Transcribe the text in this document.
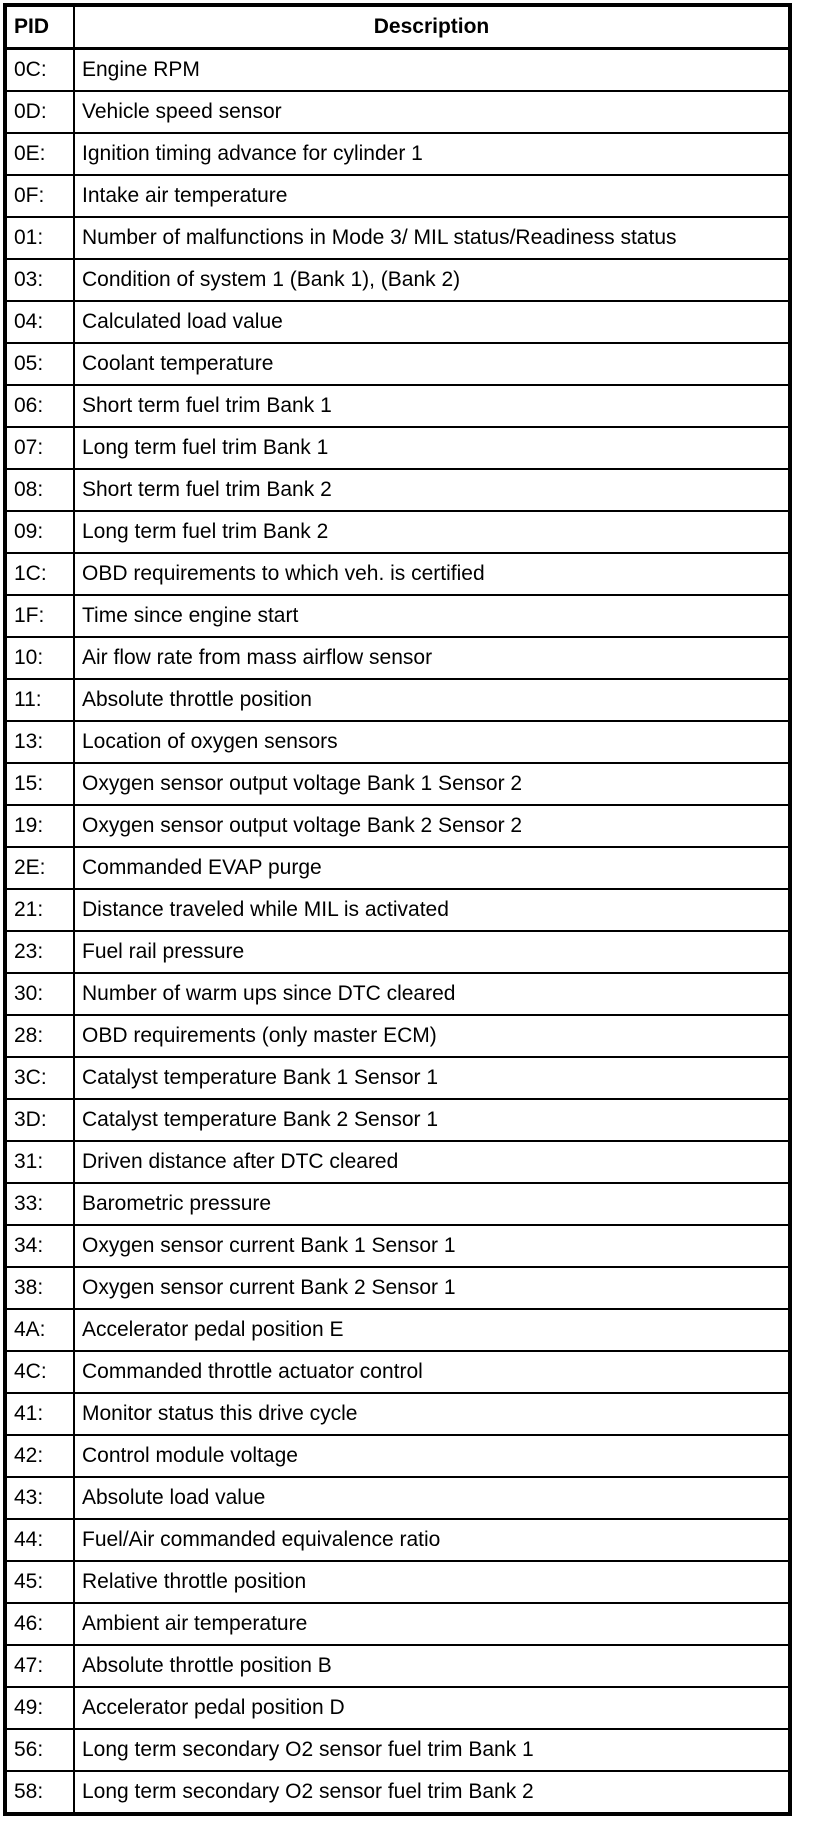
PID	Description
0C:	Engine RPM
0D:	Vehicle speed sensor
0E:	Ignition timing advance for cylinder 1
0F:	Intake air temperature
01:	Number of malfunctions in Mode 3/ MIL status/Readiness status
03:	Condition of system 1 (Bank 1), (Bank 2)
04:	Calculated load value
05:	Coolant temperature
06:	Short term fuel trim Bank 1
07:	Long term fuel trim Bank 1
08:	Short term fuel trim Bank 2
09:	Long term fuel trim Bank 2
1C:	OBD requirements to which veh. is certified
1F:	Time since engine start
10:	Air flow rate from mass airflow sensor
11:	Absolute throttle position
13:	Location of oxygen sensors
15:	Oxygen sensor output voltage Bank 1 Sensor 2
19:	Oxygen sensor output voltage Bank 2 Sensor 2
2E:	Commanded EVAP purge
21:	Distance traveled while MIL is activated
23:	Fuel rail pressure
30:	Number of warm ups since DTC cleared
28:	OBD requirements (only master ECM)
3C:	Catalyst temperature Bank 1 Sensor 1
3D:	Catalyst temperature Bank 2 Sensor 1
31:	Driven distance after DTC cleared
33:	Barometric pressure
34:	Oxygen sensor current Bank 1 Sensor 1
38:	Oxygen sensor current Bank 2 Sensor 1
4A:	Accelerator pedal position E
4C:	Commanded throttle actuator control
41:	Monitor status this drive cycle
42:	Control module voltage
43:	Absolute load value
44:	Fuel/Air commanded equivalence ratio
45:	Relative throttle position
46:	Ambient air temperature
47:	Absolute throttle position B
49:	Accelerator pedal position D
56:	Long term secondary O2 sensor fuel trim Bank 1
58:	Long term secondary O2 sensor fuel trim Bank 2
